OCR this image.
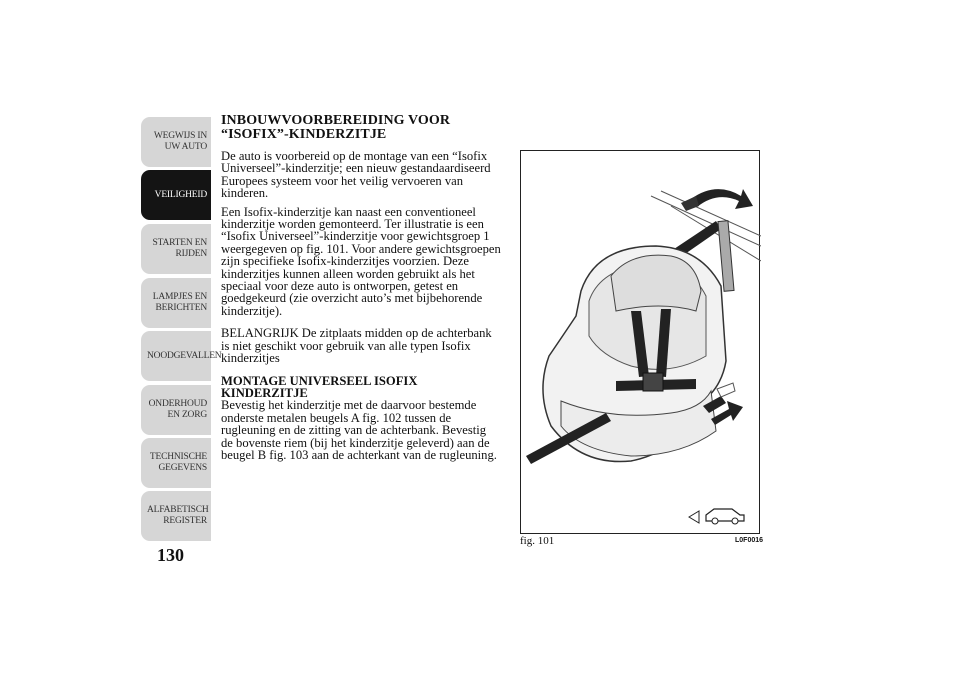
WEGWIJS IN UW AUTO
VEILIGHEID
STARTEN EN RIJDEN
LAMPJES EN BERICHTEN
NOODGEVALLEN
ONDERHOUD EN ZORG
TECHNISCHE GEGEVENS
ALFABETISCH REGISTER
130
INBOUWVOORBEREIDING VOOR
“ISOFIX”-KINDERZITJE

De auto is voorbereid op de montage van een “Isofix Universeel”-kinderzitje; een nieuw gestandaardiseerd Europees systeem voor het veilig vervoeren van kinderen.

Een Isofix-kinderzitje kan naast een conventioneel kinderzitje worden gemonteerd. Ter illustratie is een “Isofix Universeel”-kinderzitje voor gewichtsgroep 1 weergegeven op fig. 101. Voor andere gewichtsgroepen zijn specifieke Isofix-kinderzitjes voorzien. Deze kinderzitjes kunnen alleen worden gebruikt als het speciaal voor deze auto is ontworpen, getest en goedgekeurd (zie overzicht auto’s met bijbehorende kinderzitje).

BELANGRIJK De zitplaats midden op de achterbank is niet geschikt voor gebruik van alle typen Isofix kinderzitjes

MONTAGE UNIVERSEEL ISOFIX
KINDERZITJE

Bevestig het kinderzitje met de daarvoor bestemde onderste metalen beugels A fig. 102 tussen de rugleuning en de zitting van de achterbank. Bevestig de bovenste riem (bij het kinderzitje geleverd) aan de beugel B fig. 103 aan de achterkant van de rugleuning.

fig. 101	L0F0016
